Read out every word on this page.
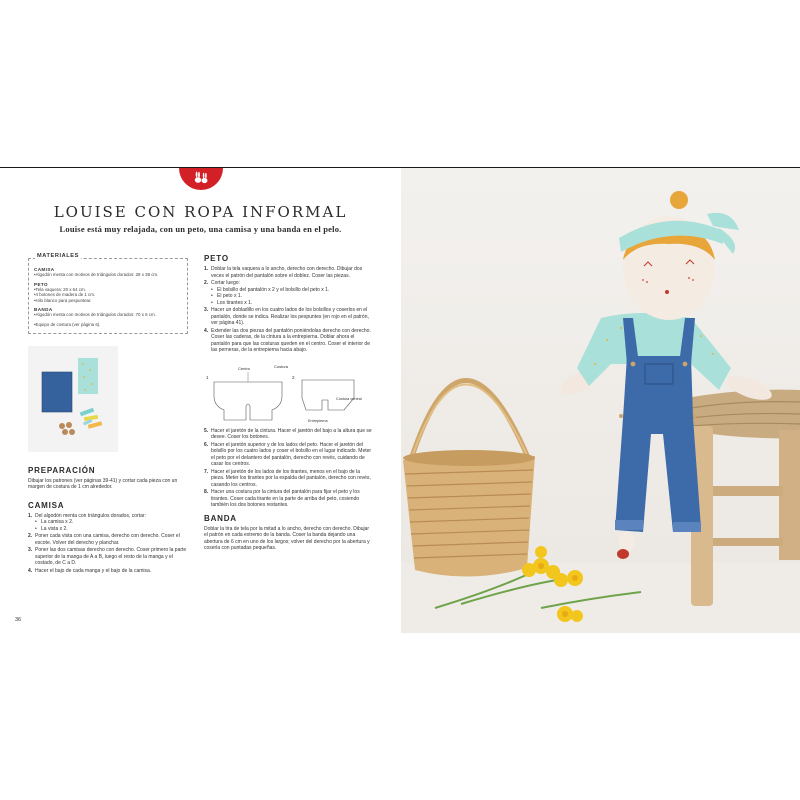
LOUISE CON ROPA INFORMAL
Louise está muy relajada, con un peto, una camisa y una banda en el pelo.
MATERIALES
CAMISA
• Algodón menta con motivos de triángulos dorados: 28 x 38 cm.
PETO
• Tela vaquera: 20 x 64 cm.
• 4 botones de madera de 1 cm.
• Hilo blanco para pespuntear.
BANDA
• Algodón menta con motivos de triángulos dorados: 70 x 6 cm.
• Equipo de costura (ver página 6).
PREPARACIÓN
Dibujar los patrones (ver páginas 39-41) y cortar cada pieza con un margen de costura de 1 cm alrededor.
CAMISA
1. Del algodón menta con triángulos dorados, cortar:
• La camisa x 2.
• La vista x 2.
2. Poner cada vista con una camisa, derecho con derecho. Coser el escote. Volver del derecho y planchar.
3. Poner las dos camisas derecho con derecho. Coser primero la parte superior de la manga de A a B, luego el resto de la manga y el costado, de C a D.
4. Hacer el bajo de cada manga y el bajo de la camisa.
PETO
1. Doblar la tela vaquera a lo ancho, derecho con derecho. Dibujar dos veces el patrón del pantalón sobre el doblez. Coser las piezas.
2. Cortar luego:
• El bolsillo del pantalón x 2 y el bolsillo del peto x 1.
• El peto x 1.
• Los tirantes x 1.
3. Hacer un dobladillo en los cuatro lados de los bolsillos y coserlos en el pantalón, donde se indica. Realizar los pespuntes (en rojo en el patrón, ver página 41).
4. Extender las dos piezas del pantalón poniéndolas derecho con derecho. Coser las caderas, de la cintura a la entrepierna. Doblar ahora el pantalón para que las costuras queden en el centro. Coser el interior de las perneras, de la entrepierna hacia abajo.
1	2
Centro	Costura
Costura central
Entrepierna
5. Hacer el jaretón de la cintura. Hacer el jaretón del bajo a la altura que se desee. Coser los botones.
6. Hacer el jaretón superior y de los lados del peto. Hacer el jaretón del bolsillo por los cuatro lados y coser el bolsillo en el lugar indicado. Meter el peto por el delantero del pantalón, derecho con revés, cuidando de casar los centros.
7. Hacer el jaretón de los lados de los tirantes, menos en el bajo de la pieza. Meter los tirantes por la espalda del pantalón, derecho con revés, casando los centros.
8. Hacer una costura por la cintura del pantalón para fijar el peto y los tirantes. Coser cada tirante en la parte de arriba del peto, cosiendo también los dos botones restantes.
BANDA
Doblar la tira de tela por la mitad a lo ancho, derecho con derecho. Dibujar el patrón en cada extremo de la banda. Coser la banda dejando una abertura de 6 cm en uno de los largos; volver del derecho por la abertura y coserla con puntadas pequeñas.
36
